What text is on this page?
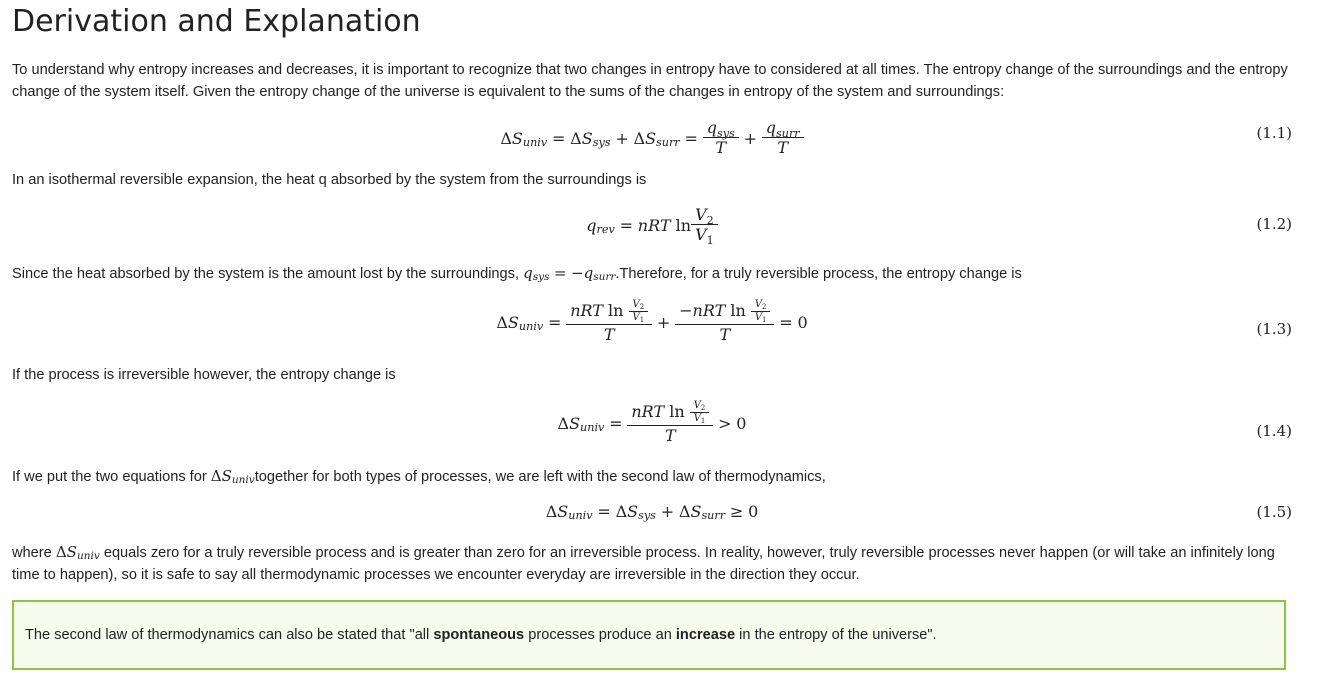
Derivation and Explanation

To understand why entropy increases and decreases, it is important to recognize that two changes in entropy have to considered at all times. The entropy change of the surroundings and the entropy change of the system itself. Given the entropy change of the universe is equivalent to the sums of the changes in entropy of the system and surroundings:

Δ S univ = Δ S sys + Δ S surr = $\frac{q_{sys}}{T} + \frac{q_{surr}}{T}$	(1.1)

In an isothermal reversible expansion, the heat q absorbed by the system from the surroundings is

q rev = nRT $\ln \frac{V_2}{V_1}$	(1.2)

Since the heat absorbed by the system is the amount lost by the surroundings, q sys = − q surr .Therefore, for a truly reversible process, the entropy change is

Δ S univ = $\frac{nRT \ln \frac{V_2}{V_1}}{T} + \frac{-nRT \ln \frac{V_2}{V_1}}{T} = 0$	(1.3)

If the process is irreversible however, the entropy change is

Δ S univ = $\frac{nRT \ln \frac{V_2}{V_1}}{T} > 0$	(1.4)

If we put the two equations for Δ S univ together for both types of processes, we are left with the second law of thermodynamics,

Δ S univ = Δ S sys + Δ S surr ≥ 0	(1.5)

where Δ S univ equals zero for a truly reversible process and is greater than zero for an irreversible process. In reality, however, truly reversible processes never happen (or will take an infinitely long time to happen), so it is safe to say all thermodynamic processes we encounter everyday are irreversible in the direction they occur.

The second law of thermodynamics can also be stated that "all spontaneous processes produce an increase in the entropy of the universe".
